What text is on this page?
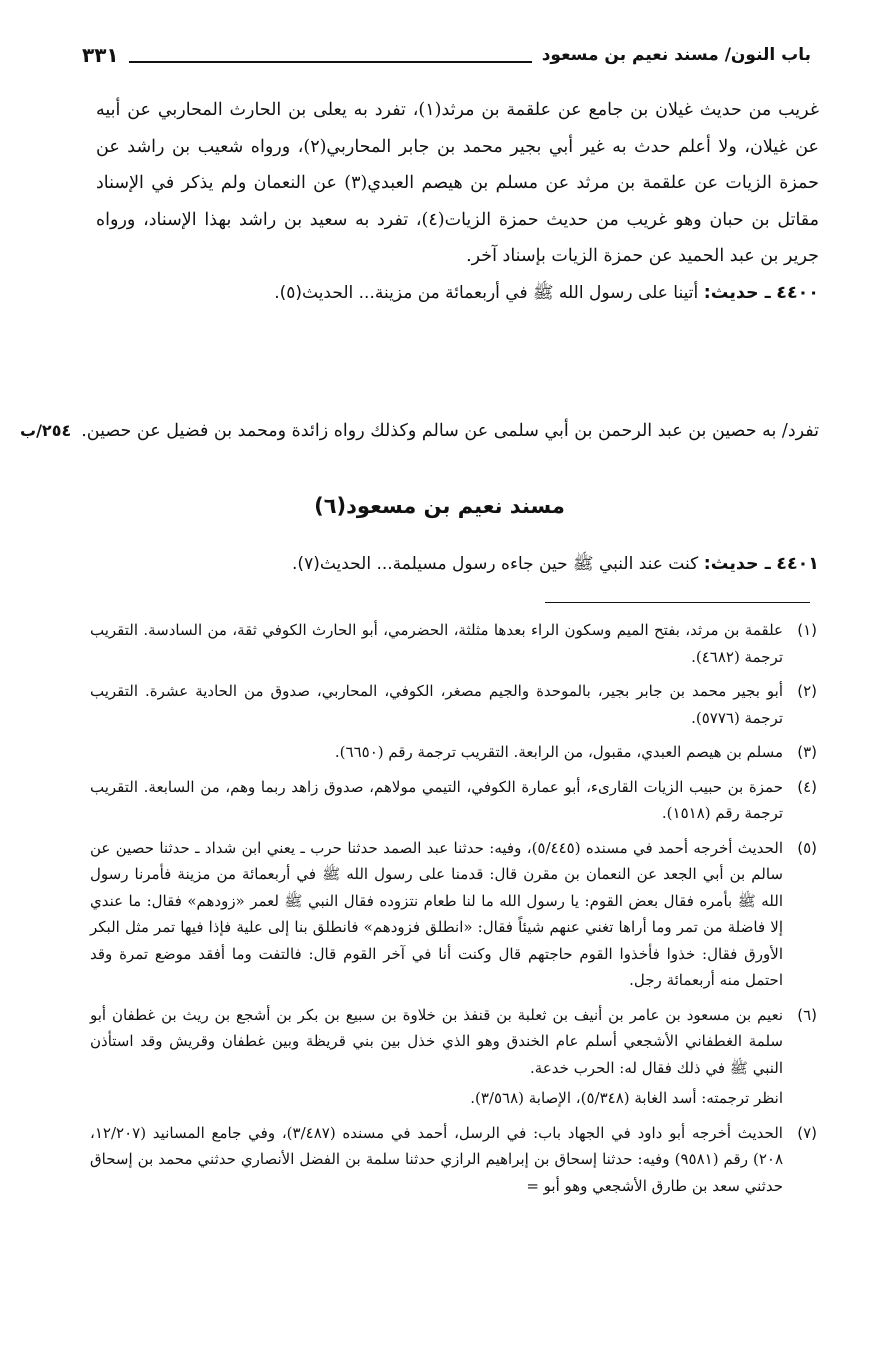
باب النون/ مسند نعيم بن مسعود
٣٣١

غريب من حديث غيلان بن جامع عن علقمة بن مرثد(١)، تفرد به يعلى بن الحارث المحاربي عن أبيه عن غيلان، ولا أعلم حدث به غير أبي بجير محمد بن جابر المحاربي(٢)، ورواه شعيب بن راشد عن حمزة الزيات عن علقمة بن مرثد عن مسلم بن هيصم العبدي(٣) عن النعمان ولم يذكر في الإسناد مقاتل بن حبان وهو غريب من حديث حمزة الزيات(٤)، تفرد به سعيد بن راشد بهذا الإسناد، ورواه جرير بن عبد الحميد عن حمزة الزيات بإسناد آخر.

٤٤٠٠ ـ حديث: أتينا على رسول الله ﷺ في أربعمائة من مزينة... الحديث(٥).

تفرد/ به حصين بن عبد الرحمن بن أبي سلمى عن سالم وكذلك رواه زائدة ومحمد بن فضيل عن حصين.
٢٥٤/ب
مسند نعيم بن مسعود(٦)
٤٤٠١ ـ حديث: كنت عند النبي ﷺ حين جاءه رسول مسيلمة... الحديث(٧).
(١)
علقمة بن مرثد، بفتح الميم وسكون الراء بعدها مثلثة، الحضرمي، أبو الحارث الكوفي ثقة، من السادسة. التقريب ترجمة (٤٦٨٢).
(٢)
أبو بجير محمد بن جابر بجير، بالموحدة والجيم مصغر، الكوفي، المحاربي، صدوق من الحادية عشرة. التقريب ترجمة (٥٧٧٦).
(٣)
مسلم بن هيصم العبدي، مقبول، من الرابعة. التقريب ترجمة رقم (٦٦٥٠).
(٤)
حمزة بن حبيب الزيات القارىء، أبو عمارة الكوفي، التيمي مولاهم، صدوق زاهد ربما وهم، من السابعة. التقريب ترجمة رقم (١٥١٨).
(٥)
الحديث أخرجه أحمد في مسنده (٥/٤٤٥)، وفيه: حدثنا عبد الصمد حدثنا حرب ـ يعني ابن شداد ـ حدثنا حصين عن سالم بن أبي الجعد عن النعمان بن مقرن قال: قدمنا على رسول الله ﷺ في أربعمائة من مزينة فأمرنا رسول الله ﷺ بأمره فقال بعض القوم: يا رسول الله ما لنا طعام نتزوده فقال النبي ﷺ لعمر «زودهم» فقال: ما عندي إلا فاضلة من تمر وما أراها تغني عنهم شيئاً فقال: «انطلق فزودهم» فانطلق بنا إلى علية فإذا فيها تمر مثل البكر الأورق فقال: خذوا فأخذوا القوم حاجتهم قال وكنت أنا في آخر القوم قال: فالتفت وما أفقد موضع تمرة وقد احتمل منه أربعمائة رجل.
(٦)
نعيم بن مسعود بن عامر بن أنيف بن ثعلبة بن قنفذ بن خلاوة بن سبيع بن بكر بن أشجع بن ريث بن غطفان أبو سلمة الغطفاني الأشجعي أسلم عام الخندق وهو الذي خذل بين بني قريظة وبين غطفان وقريش وقد استأذن النبي ﷺ في ذلك فقال له: الحرب خدعة.
انظر ترجمته: أسد الغابة (٥/٣٤٨)، الإصابة (٣/٥٦٨).
(٧)
الحديث أخرجه أبو داود في الجهاد باب: في الرسل، أحمد في مسنده (٣/٤٨٧)، وفي جامع المسانيد (١٢/٢٠٧، ٢٠٨) رقم (٩٥٨١) وفيه: حدثنا إسحاق بن إبراهيم الرازي حدثنا سلمة بن الفضل الأنصاري حدثني محمد بن إسحاق حدثني سعد بن طارق الأشجعي وهو أبو =
